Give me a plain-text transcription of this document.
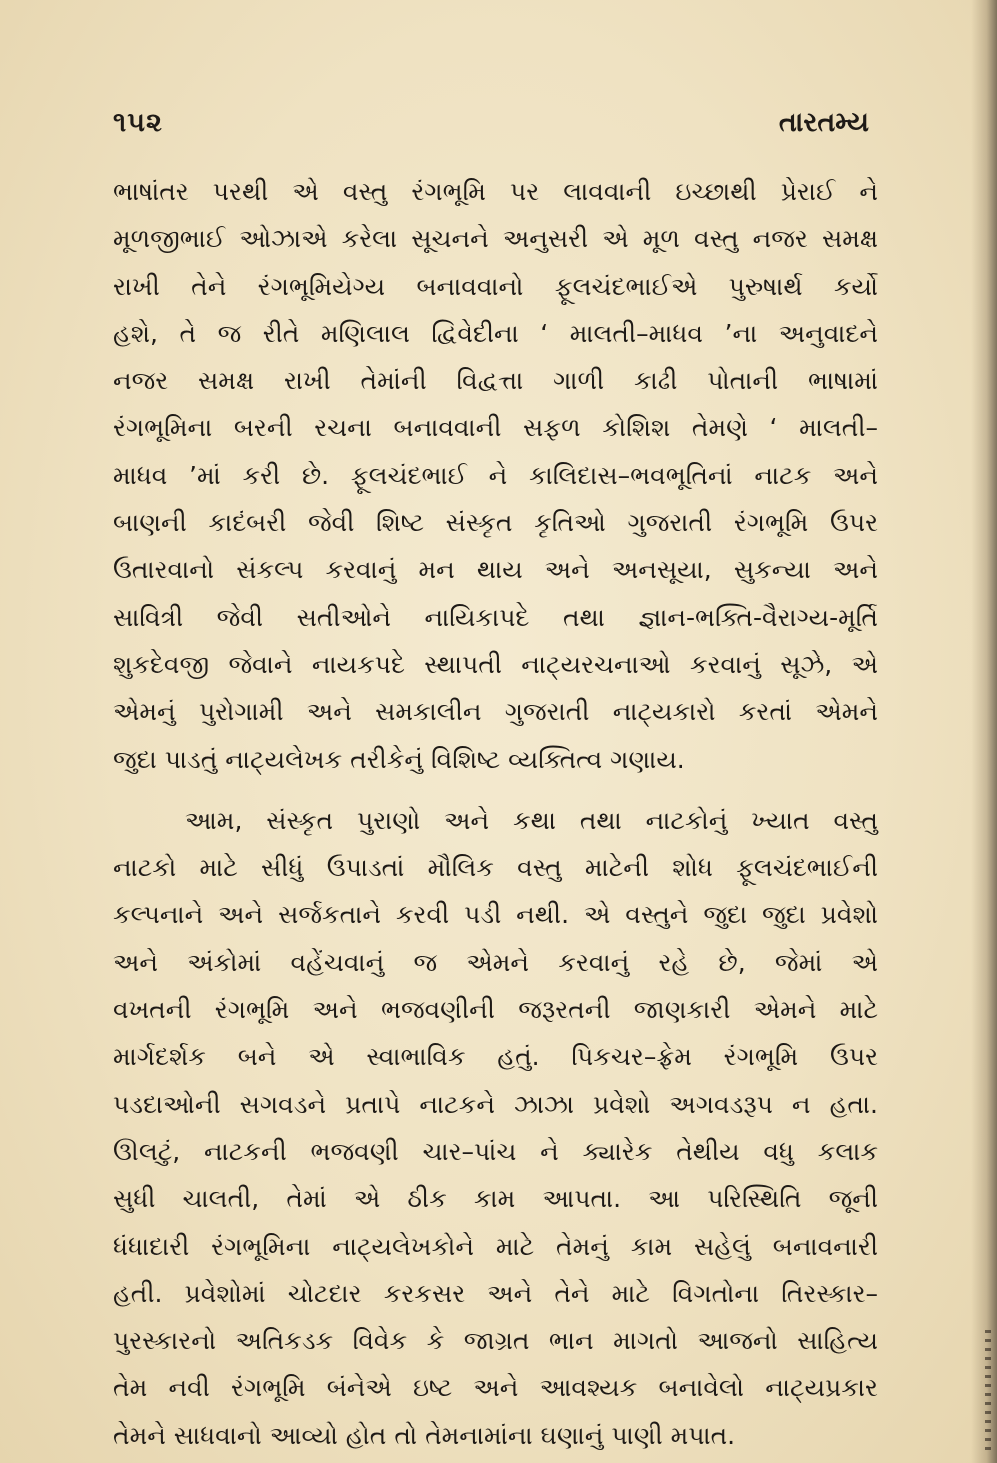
૧૫૨	તારતમ્ય
ભાષાંતર પરથી એ વસ્તુ રંગભૂમિ પર લાવવાની ઇચ્છાથી પ્રેરાઈ ને
મૂળજીભાઈ ઓઝાએ કરેલા સૂચનને અનુસરી એ મૂળ વસ્તુ નજર સમક્ષ
રાખી તેને રંગભૂમિયેગ્ય બનાવવાનો ફૂલચંદભાઈએ પુરુષાર્થ કર્યો
હશે, તે જ રીતે મણિલાલ દ્વિવેદીના ‘ માલતી–માધવ ’ના અનુવાદને
નજર સમક્ષ રાખી તેમાંની વિદ્વત્તા ગાળી કાઢી પોતાની ભાષામાં
રંગભૂમિના બરની રચના બનાવવાની સફળ કોશિશ તેમણે ‘ માલતી–
માધવ ’માં કરી છે. ફૂલચંદભાઈ ને કાલિદાસ–ભવભૂતિનાં નાટક અને
બાણની કાદંબરી જેવી શિષ્ટ સંસ્કૃત કૃતિઓ ગુજરાતી રંગભૂમિ ઉપર
ઉતારવાનો સંકલ્પ કરવાનું મન થાય અને અનસૂયા, સુકન્યા અને
સાવિત્રી જેવી સતીઓને નાયિકાપદે તથા જ્ઞાન-ભક્તિ-વૈરાગ્ય-મૂર્તિ
શુકદેવજી જેવાને નાયકપદે સ્થાપતી નાટ્યરચનાઓ કરવાનું સૂઝે, એ
એમનું પુરોગામી અને સમકાલીન ગુજરાતી નાટ્યકારો કરતાં એમને
જુદા પાડતું નાટ્યલેખક તરીકેનું વિશિષ્ટ વ્યક્તિત્વ ગણાય.
આમ, સંસ્કૃત પુરાણો અને કથા તથા નાટકોનું ખ્યાત વસ્તુ
નાટકો માટે સીધું ઉપાડતાં મૌલિક વસ્તુ માટેની શોધ ફૂલચંદભાઈની
કલ્પનાને અને સર્જકતાને કરવી પડી નથી. એ વસ્તુને જુદા જુદા પ્રવેશો
અને અંકોમાં વહેંચવાનું જ એમને કરવાનું રહે છે, જેમાં એ
વખતની રંગભૂમિ અને ભજવણીની જરૂરતની જાણકારી એમને માટે
માર્ગદર્શક બને એ સ્વાભાવિક હતું. પિકચર–ફ્રેમ રંગભૂમિ ઉપર
પડદાઓની સગવડને પ્રતાપે નાટકને ઝાઝા પ્રવેશો અગવડરૂપ ન હતા.
ઊલટું, નાટકની ભજવણી ચાર–પાંચ ને ક્યારેક તેથીય વધુ કલાક
સુધી ચાલતી, તેમાં એ ઠીક કામ આપતા. આ પરિસ્થિતિ જૂની
ધંધાદારી રંગભૂમિના નાટ્યલેખકોને માટે તેમનું કામ સહેલું બનાવનારી
હતી. પ્રવેશોમાં ચોટદાર કરકસર અને તેને માટે વિગતોના તિરસ્કાર–
પુરસ્કારનો અતિકડક વિવેક કે જાગ્રત ભાન માગતો આજનો સાહિત્ય
તેમ નવી રંગભૂમિ બંનેએ ઇષ્ટ અને આવશ્યક બનાવેલો નાટ્યપ્રકાર
તેમને સાધવાનો આવ્યો હોત તો તેમનામાંના ઘણાનું પાણી મપાત.
